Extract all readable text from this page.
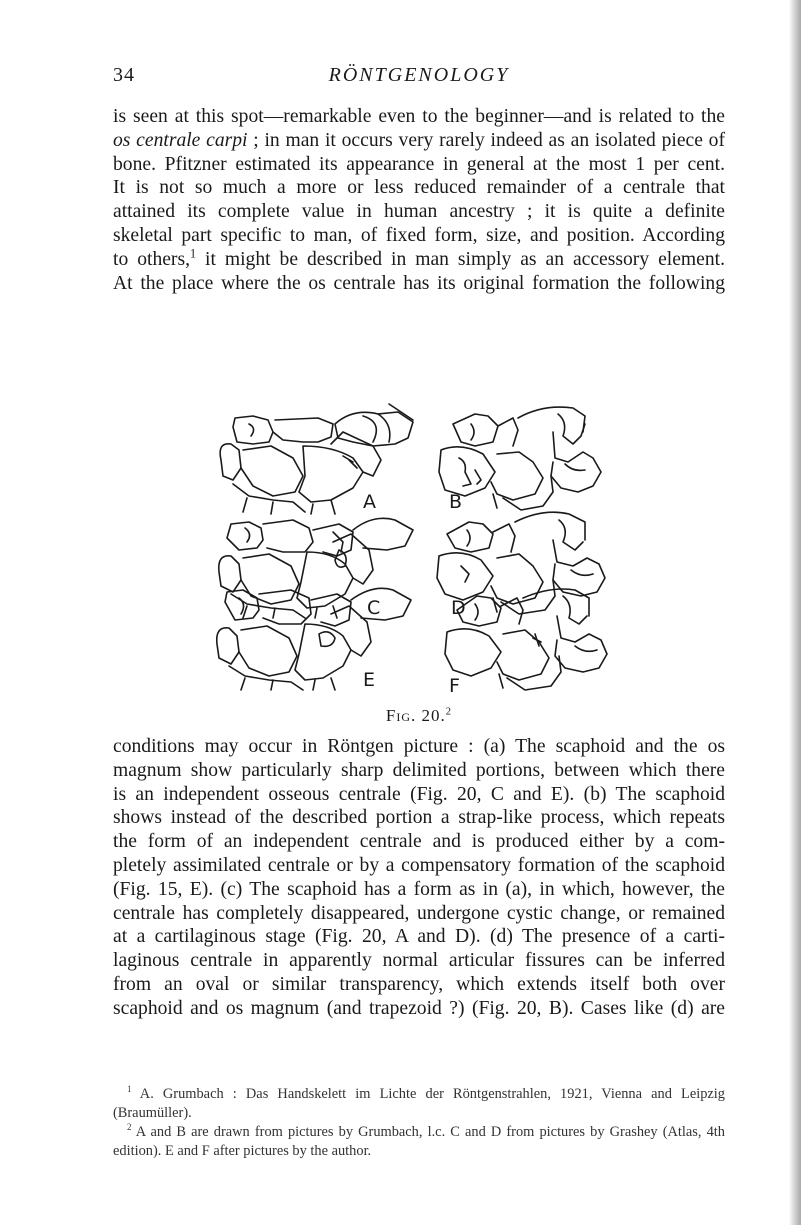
34	RÖNTGENOLOGY
is seen at this spot—remarkable even to the beginner—and is related to the
os centrale carpi ; in man it occurs very rarely indeed as an isolated piece of
bone. Pfitzner estimated its appearance in general at the most 1 per cent.
It is not so much a more or less reduced remainder of a centrale that
attained its complete value in human ancestry ; it is quite a definite
skeletal part specific to man, of fixed form, size, and position. According
to others,$^1$ it might be described in man simply as an accessory element.
At the place where the os centrale has its original formation the following
A	B
C	D
E	F
Fig. 20.$^2$
conditions may occur in Röntgen picture : (a) The scaphoid and the os
magnum show particularly sharp delimited portions, between which there
is an independent osseous centrale (Fig. 20, C and E). (b) The scaphoid
shows instead of the described portion a strap-like process, which repeats
the form of an independent centrale and is produced either by a com-
pletely assimilated centrale or by a compensatory formation of the scaphoid
(Fig. 15, E). (c) The scaphoid has a form as in (a), in which, however, the
centrale has completely disappeared, undergone cystic change, or remained
at a cartilaginous stage (Fig. 20, A and D). (d) The presence of a carti-
laginous centrale in apparently normal articular fissures can be inferred
from an oval or similar transparency, which extends itself both over
scaphoid and os magnum (and trapezoid ?) (Fig. 20, B). Cases like (d) are

$^1$ A. Grumbach : Das Handskelett im Lichte der Röntgenstrahlen, 1921, Vienna and Leipzig (Braumüller).

$^2$ A and B are drawn from pictures by Grumbach, l.c. C and D from pictures by Grashey (Atlas, 4th edition). E and F after pictures by the author.
